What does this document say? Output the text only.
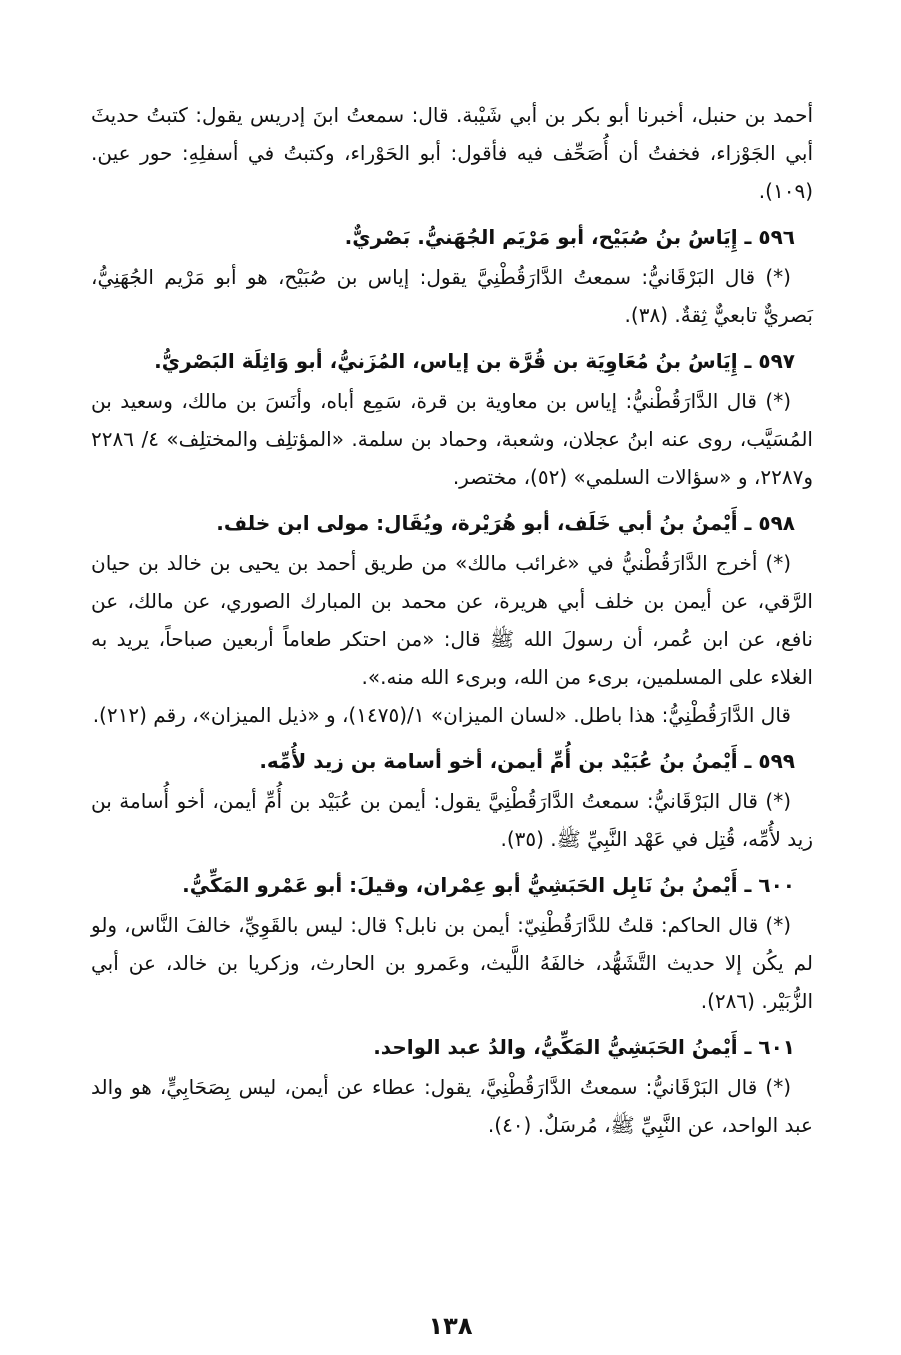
أحمد بن حنبل، أخبرنا أبو بكر بن أبي شَيْبة. قال: سمعتُ ابنَ إدريس يقول: كتبتُ حديثَ أبي الجَوْزاء، فخفتُ أن أُصَحِّف فيه فأقول: أبو الحَوْراء، وكتبتُ في أسفلِهِ: حور عين. (١٠٩).

٥٩٦ ـ إِيَاسُ بنُ صُبَيْح، أبو مَرْيَم الجُهَنيُّ. بَصْريٌّ.

(*) قال البَرْقَانيُّ: سمعتُ الدَّارَقُطْنِيَّ يقول: إياس بن صُبَيْح، هو أبو مَرْيم الجُهَنِيُّ، بَصريٌّ تابعيٌّ ثِقةٌ. (٣٨).

٥٩٧ ـ إِيَاسُ بنُ مُعَاوِيَة بن قُرَّة بن إياس، المُزَنيُّ، أبو وَاثِلَة البَصْريُّ.

(*) قال الدَّارَقُطْنيُّ: إياس بن معاوية بن قرة، سَمِع أباه، وأنَسَ بن مالك، وسعيد بن المُسَيَّب، روى عنه ابنُ عجلان، وشعبة، وحماد بن سلمة. «المؤتلِف والمختلِف» ٤/ ٢٢٨٦ و٢٢٨٧، و «سؤالات السلمي» (٥٢)، مختصر.

٥٩٨ ـ أَيْمنُ بنُ أبي خَلَف، أبو هُرَيْرة، ويُقَال: مولى ابن خلف.

(*) أخرج الدَّارَقُطْنيُّ في «غرائب مالك» من طريق أحمد بن يحيى بن خالد بن حيان الرَّقي، عن أيمن بن خلف أبي هريرة، عن محمد بن المبارك الصوري، عن مالك، عن نافع، عن ابن عُمر، أن رسولَ الله ﷺ قال: «من احتكر طعاماً أربعين صباحاً، يريد به الغلاء على المسلمين، برىء من الله، وبرىء الله منه.».

قال الدَّارَقُطْنِيُّ: هذا باطل. «لسان الميزان» ١/(١٤٧٥)، و «ذيل الميزان»، رقم (٢١٢).

٥٩٩ ـ أَيْمنُ بنُ عُبَيْد بن أُمِّ أيمن، أخو أسامة بن زيد لأُمِّه.

(*) قال البَرْقَانيُّ: سمعتُ الدَّارَقُطْنِيَّ يقول: أيمن بن عُبَيْد بن أُمِّ أيمن، أخو أُسامة بن زيد لأُمِّه، قُتِل في عَهْد النَّبِيِّ ﷺ. (٣٥).

٦٠٠ ـ أَيْمنُ بنُ نَابِل الحَبَشِيُّ أبو عِمْران، وقيلَ: أبو عَمْرو المَكِّيُّ.

(*) قال الحاكم: قلتُ للدَّارَقُطْنِيّ: أيمن بن نابل؟ قال: ليس بالقَوِيِّ، خالفَ النَّاس، ولو لم يكُن إلا حديث التَّشَهُّد، خالفَهُ اللَّيث، وعَمرو بن الحارث، وزكريا بن خالد، عن أبي الزُّبَيْر. (٢٨٦).

٦٠١ ـ أَيْمنُ الحَبَشِيُّ المَكِّيُّ، والدُ عبد الواحد.

(*) قال البَرْقَانيُّ: سمعتُ الدَّارَقُطْنِيَّ، يقول: عطاء عن أيمن، ليس بِصَحَابِيٍّ، هو والد عبد الواحد، عن النَّبِيِّ ﷺ، مُرسَلٌ. (٤٠).

١٣٨
